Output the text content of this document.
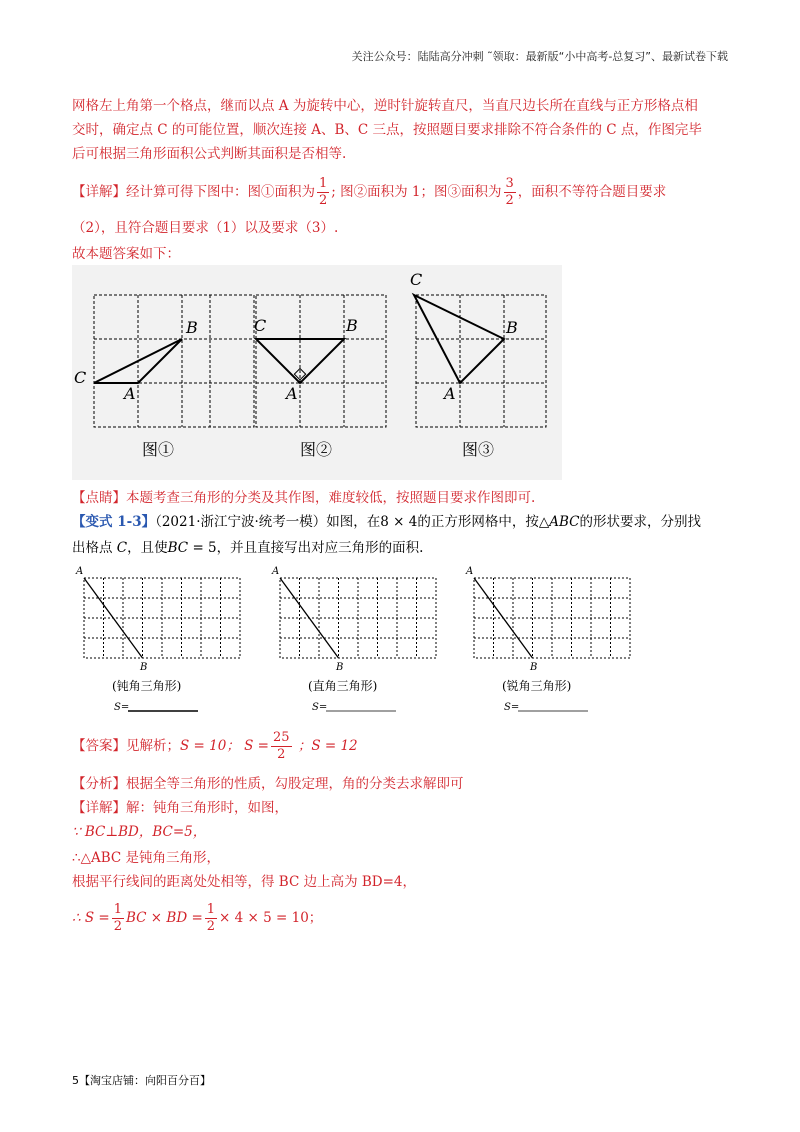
关注公众号：陆陆高分冲刺 ˜领取：最新版“小中高考-总复习”、最新试卷下载
网格左上角第一个格点，继而以点 A 为旋转中心，逆时针旋转直尺，当直尺边长所在直线与正方形格点相
交时，确定点 C 的可能位置，顺次连接 A、B、C 三点，按照题目要求排除不符合条件的 C 点，作图完毕
后可根据三角形面积公式判断其面积是否相等.
【详解】经计算可得下图中：图①面积为 $\frac{1}{2}$ ; 图②面积为 1；图③面积为 $\frac{3}{2}$ ，面积不等符合题目要求
（2），且符合题目要求（1）以及要求（3）.
故本题答案如下：
C
B
A
C	B
A
C
B
A
图①	图②	图③
【点睛】本题考查三角形的分类及其作图，难度较低，按照题目要求作图即可.
【变式 1-3】（2021·浙江宁波·统考一模）如图，在8 × 4的正方形网格中，按△ABC的形状要求，分别找
出格点 C，且使BC = 5，并且直接写出对应三角形的面积.
A
B
A
B
A
B
(钝角三角形)	(直角三角形)	(锐角三角形)
S=	S=	S=
【答案】见解析；S = 10； $S = \frac{25}{2}$ ；S = 12
【分析】根据全等三角形的性质，勾股定理，角的分类去求解即可
【详解】解：钝角三角形时，如图，
∵ BC⊥BD，BC=5，
∴△ABC 是钝角三角形，
根据平行线间的距离处处相等，得 BC 边上高为 BD=4，
∴ $S = \frac{1}{2}$ BC × BD = $\frac{1}{2} \times 4 \times 5 = 10$；
5【淘宝店铺：向阳百分百】
